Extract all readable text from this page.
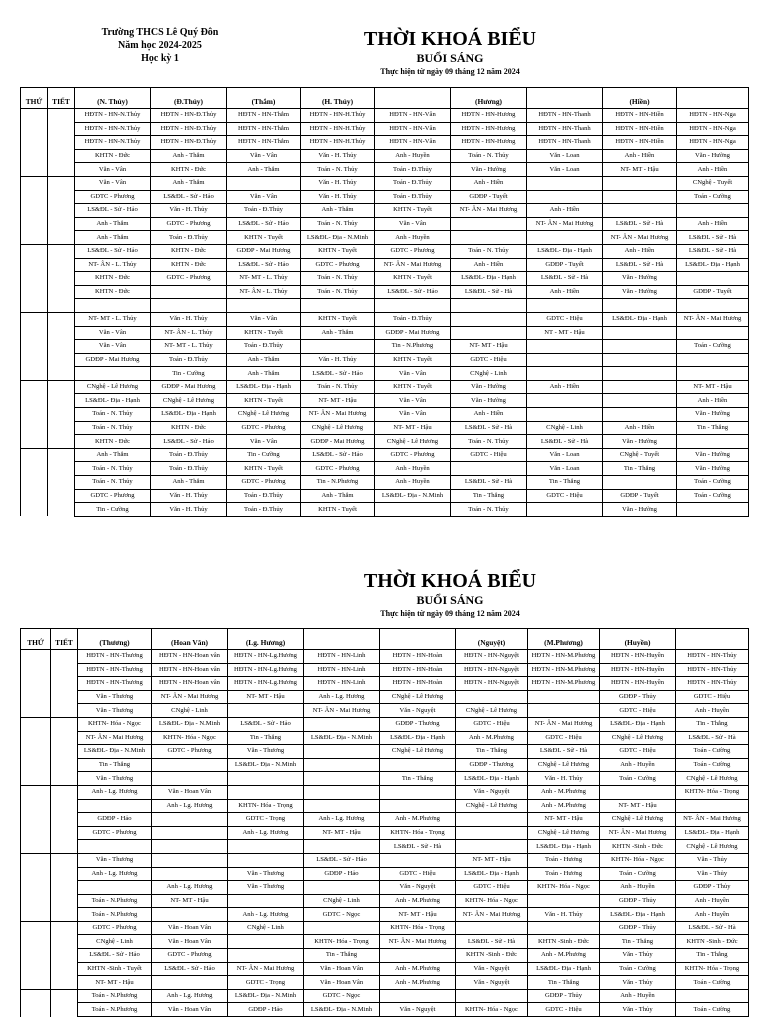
Trường THCS Lê Quý Đôn
Năm học 2024-2025
Học kỳ 1
THỜI KHOÁ BIỂU
BUỔI SÁNG
Thực hiện từ ngày 09 tháng 12 năm 2024
THỨ	TIẾT	(N. Thủy)	(Đ.Thủy)	(Thắm)	(H. Thủy)		(Hương)		(Hiền)	
		HĐTN - HN-N.Thủy	HĐTN - HN-Đ.Thủy	HĐTN - HN-Thắm	HĐTN - HN-H.Thủy	HĐTN - HN-Vân	HĐTN - HN-Hương	HĐTN - HN-Thanh	HĐTN - HN-Hiền	HĐTN - HN-Nga
		HĐTN - HN-N.Thủy	HĐTN - HN-Đ.Thủy	HĐTN - HN-Thắm	HĐTN - HN-H.Thủy	HĐTN - HN-Vân	HĐTN - HN-Hương	HĐTN - HN-Thanh	HĐTN - HN-Hiền	HĐTN - HN-Nga
		HĐTN - HN-N.Thủy	HĐTN - HN-Đ.Thủy	HĐTN - HN-Thắm	HĐTN - HN-H.Thủy	HĐTN - HN-Vân	HĐTN - HN-Hương	HĐTN - HN-Thanh	HĐTN - HN-Hiền	HĐTN - HN-Nga
		KHTN - Đức	Anh - Thắm	Văn - Vân	Văn - H. Thủy	Anh - Huyền	Toán - N. Thủy	Văn - Loan	Anh - Hiền	Văn - Hường
		Văn - Vân	KHTN - Đức	Anh - Thắm	Toán - N. Thủy	Toán - Đ.Thủy	Văn - Hường	Văn - Loan	NT- MT - Hậu	Anh - Hiền
		Văn - Vân	Anh - Thắm		Văn - H. Thủy	Toán - Đ.Thủy	Anh - Hiền			CNghệ - Tuyết
		GDTC - Phương	LS&ĐL - Sử - Hảo	Văn - Vân	Văn - H. Thủy	Toán - Đ.Thủy	GDĐP - Tuyết			Toán - Cường
		LS&ĐL - Sử - Hảo	Văn - H. Thủy	Toán - Đ.Thủy	Anh - Thắm	KHTN - Tuyết	NT- ÂN - Mai Hương	Anh - Hiền		
		Anh - Thắm	GDTC - Phương	LS&ĐL - Sử - Hảo	Toán - N. Thủy	Văn - Vân		NT- ÂN - Mai Hương	LS&ĐL - Sử - Hà	Anh - Hiền
		Anh - Thắm	Toán - Đ.Thủy	KHTN - Tuyết	LS&ĐL- Địa - N.Minh	Anh - Huyền			NT- ÂN - Mai Hương	LS&ĐL - Sử - Hà
		LS&ĐL - Sử - Hảo	KHTN - Đức	GDĐP - Mai Hương	KHTN - Tuyết	GDTC - Phương	Toán - N. Thủy	LS&ĐL- Địa - Hạnh	Anh - Hiền	LS&ĐL - Sử - Hà
		NT- ÂN - L. Thủy	KHTN - Đức	LS&ĐL - Sử - Hảo	GDTC - Phương	NT- ÂN - Mai Hương	Anh - Hiền	GDĐP - Tuyết	LS&ĐL - Sử - Hà	LS&ĐL- Địa - Hạnh
		KHTN - Đức	GDTC - Phương	NT- MT - L. Thủy	Toán - N. Thủy	KHTN - Tuyết	LS&ĐL- Địa - Hạnh	LS&ĐL - Sử - Hà	Văn - Hường	
		KHTN - Đức		NT- ÂN - L. Thủy	Toán - N. Thủy	LS&ĐL - Sử - Hảo	LS&ĐL - Sử - Hà	Anh - Hiền	Văn - Hường	GDĐP - Tuyết

		NT- MT - L. Thủy	Văn - H. Thủy	Văn - Vân	KHTN - Tuyết	Toán - Đ.Thủy		GDTC - Hiệu	LS&ĐL- Địa - Hạnh	NT- ÂN - Mai Hương
		Văn - Vân	NT- ÂN - L. Thủy	KHTN - Tuyết	Anh - Thắm	GDĐP - Mai Hương		NT - MT - Hậu		
		Văn - Vân	NT- MT - L. Thủy	Toán - Đ.Thủy		Tin - N.Phương	NT- MT - Hậu			Toán - Cường
		GDĐP - Mai Hương	Toán - Đ.Thủy	Anh - Thắm	Văn - H. Thủy	KHTN - Tuyết	GDTC - Hiệu			
			Tin - Cường	Anh - Thắm	LS&ĐL - Sử - Hảo	Văn - Vân	CNghệ - Linh			
		CNghệ - Lê Hương	GDĐP - Mai Hương	LS&ĐL- Địa - Hạnh	Toán - N. Thủy	KHTN - Tuyết	Văn - Hường	Anh - Hiền		NT- MT - Hậu
		LS&ĐL- Địa - Hạnh	CNghệ - Lê Hương	KHTN - Tuyết	NT- MT - Hậu	Văn - Vân	Văn - Hường			Anh - Hiền
		Toán - N. Thủy	LS&ĐL- Địa - Hạnh	CNghệ - Lê Hương	NT- ÂN - Mai Hương	Văn - Vân	Anh - Hiền			Văn - Hường
		Toán - N. Thủy	KHTN - Đức	GDTC - Phương	CNghệ - Lê Hương	NT- MT - Hậu	LS&ĐL - Sử - Hà	CNghệ - Linh	Anh - Hiền	Tin - Thắng
		KHTN - Đức	LS&ĐL - Sử - Hảo	Văn - Vân	GDĐP - Mai Hương	CNghệ - Lê Hương	Toán - N. Thủy	LS&ĐL - Sử - Hà	Văn - Hường	
		Anh - Thắm	Toán - Đ.Thủy	Tin - Cường	LS&ĐL - Sử - Hảo	GDTC - Phương	GDTC - Hiệu	Văn - Loan	CNghệ - Tuyết	Văn - Hường
		Toán - N. Thủy	Toán - Đ.Thủy	KHTN - Tuyết	GDTC - Phương	Anh - Huyền		Văn - Loan	Tin - Thắng	Văn - Hường
		Toán - N. Thủy	Anh - Thắm	GDTC - Phương	Tin - N.Phương	Anh - Huyền	LS&ĐL - Sử - Hà	Tin - Thắng		Toán - Cường
		GDTC - Phương	Văn - H. Thủy	Toán - Đ.Thủy	Anh - Thắm	LS&ĐL- Địa - N.Minh	Tin - Thắng	GDTC - Hiệu	GDĐP - Tuyết	Toán - Cường
		Tin - Cường	Văn - H. Thủy	Toán - Đ.Thủy	KHTN - Tuyết		Toán - N. Thủy		Văn - Hường	
THỜI KHOÁ BIỂU
BUỔI SÁNG
Thực hiện từ ngày 09 tháng 12 năm 2024
THỨ	TIẾT	(Thương)	(Hoan Vân)	(Lg. Hương)			(Nguyệt)	(M.Phương)	(Huyền)	
		HĐTN - HN-Thương	HĐTN - HN-Hoan vân	HĐTN - HN-Lg.Hương	HĐTN - HN-Linh	HĐTN - HN-Hoàn	HĐTN - HN-Nguyệt	HĐTN - HN-M.Phương	HĐTN - HN-Huyền	HĐTN - HN-Thủy
		HĐTN - HN-Thương	HĐTN - HN-Hoan vân	HĐTN - HN-Lg.Hương	HĐTN - HN-Linh	HĐTN - HN-Hoàn	HĐTN - HN-Nguyệt	HĐTN - HN-M.Phương	HĐTN - HN-Huyền	HĐTN - HN-Thủy
		HĐTN - HN-Thương	HĐTN - HN-Hoan vân	HĐTN - HN-Lg.Hương	HĐTN - HN-Linh	HĐTN - HN-Hoàn	HĐTN - HN-Nguyệt	HĐTN - HN-M.Phương	HĐTN - HN-Huyền	HĐTN - HN-Thủy
		Văn - Thương	NT- ÂN - Mai Hương	NT- MT - Hậu	Anh - Lg. Hương	CNghệ - Lê Hương			GDĐP - Thủy	GDTC - Hiệu
		Văn - Thương	CNghệ - Linh		NT- ÂN - Mai Hương	Văn - Nguyệt	CNghệ - Lê Hương		GDTC - Hiệu	Anh - Huyền
		KHTN- Hóa - Ngọc	LS&ĐL- Địa - N.Minh	LS&ĐL - Sử - Hảo		GDĐP - Thương	GDTC - Hiệu	NT- ÂN - Mai Hương	LS&ĐL- Địa - Hạnh	Tin - Thắng
		NT- ÂN - Mai Hương	KHTN- Hóa - Ngọc	Tin - Thắng	LS&ĐL- Địa - N.Minh	LS&ĐL- Địa - Hạnh	Anh - M.Phương	GDTC - Hiệu	CNghệ - Lê Hương	LS&ĐL - Sử - Hà
		LS&ĐL- Địa - N.Minh	GDTC - Phương	Văn - Thương		CNghệ - Lê Hương	Tin - Thắng	LS&ĐL - Sử - Hà	GDTC - Hiệu	Toán - Cường
		Tin - Thắng		LS&ĐL- Địa - N.Minh			GDĐP - Thương	CNghệ - Lê Hương	Anh - Huyền	Toán - Cường
		Văn - Thương				Tin - Thắng	LS&ĐL- Địa - Hạnh	Văn - H. Thủy	Toán - Cường	CNghệ - Lê Hương
		Anh - Lg. Hương	Văn - Hoan Vân				Văn - Nguyệt	Anh - M.Phương		KHTN- Hóa - Trọng
			Anh - Lg. Hương	KHTN- Hóa - Trọng			CNghệ - Lê Hương	Anh - M.Phương	NT- MT - Hậu	
		GDĐP - Hảo		GDTC - Trọng	Anh - Lg. Hương	Anh - M.Phương		NT- MT - Hậu	CNghệ - Lê Hương	NT- ÂN - Mai Hương
		GDTC - Phương		Anh - Lg. Hương	NT- MT - Hậu	KHTN- Hóa - Trọng		CNghệ - Lê Hương	NT- ÂN - Mai Hương	LS&ĐL- Địa - Hạnh
						LS&ĐL - Sử - Hà		LS&ĐL- Địa - Hạnh	KHTN -Sinh - Đức	CNghệ - Lê Hương
		Văn - Thương			LS&ĐL - Sử - Hảo		NT- MT - Hậu	Toán - Hương	KHTN- Hóa - Ngọc	Văn - Thủy
		Anh - Lg. Hương		Văn - Thương	GDĐP - Hảo	GDTC - Hiệu	LS&ĐL- Địa - Hạnh	Toán - Hương	Toán - Cường	Văn - Thủy
			Anh - Lg. Hương	Văn - Thương		Văn - Nguyệt	GDTC - Hiệu	KHTN- Hóa - Ngọc	Anh - Huyền	GDĐP - Thủy
		Toán - N.Phương	NT- MT - Hậu		CNghệ - Linh	Anh - M.Phương	KHTN- Hóa - Ngọc		GDĐP - Thủy	Anh - Huyền
		Toán - N.Phương		Anh - Lg. Hương	GDTC - Ngọc	NT- MT - Hậu	NT- ÂN - Mai Hương	Văn - H. Thủy	LS&ĐL- Địa - Hạnh	Anh - Huyền
		GDTC - Phương	Văn - Hoan Vân	CNghệ - Linh		KHTN- Hóa - Trọng			GDĐP - Thủy	LS&ĐL - Sử - Hà
		CNghệ - Linh	Văn - Hoan Vân		KHTN- Hóa - Trọng	NT- ÂN - Mai Hương	LS&ĐL - Sử - Hà	KHTN -Sinh - Đức	Tin - Thắng	KHTN -Sinh - Đức
		LS&ĐL - Sử - Hảo	GDTC - Phương		Tin - Thắng		KHTN -Sinh - Đức	Anh - M.Phương	Văn - Thủy	Tin - Thắng
		KHTN -Sinh - Tuyết	LS&ĐL - Sử - Hảo	NT- ÂN - Mai Hương	Văn - Hoan Vân	Anh - M.Phương	Văn - Nguyệt	LS&ĐL- Địa - Hạnh	Toán - Cường	KHTN- Hóa - Trọng
		NT- MT - Hậu		GDTC - Trọng	Văn - Hoan Vân	Anh - M.Phương	Văn - Nguyệt	Tin - Thắng	Văn - Thủy	Toán - Cường
		Toán - N.Phương	Anh - Lg. Hương	LS&ĐL- Địa - N.Minh	GDTC - Ngọc			GDĐP - Thủy	Anh - Huyền	
		Toán - N.Phương	Văn - Hoan Vân	GDĐP - Hảo	LS&ĐL- Địa - N.Minh	Văn - Nguyệt	KHTN- Hóa - Ngọc	GDTC - Hiệu	Văn - Thủy	Toán - Cường
